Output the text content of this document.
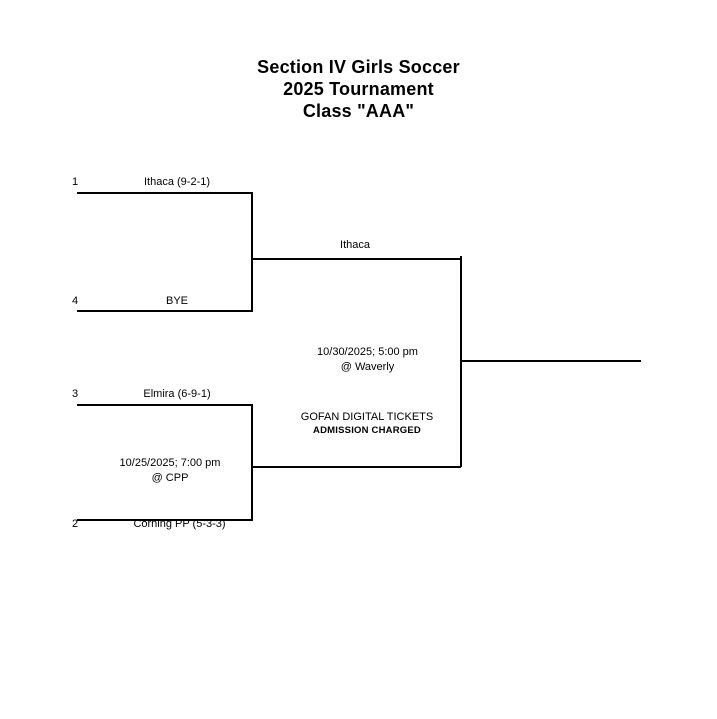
Section IV Girls Soccer
2025 Tournament
Class "AAA"
1	Ithaca (9-2-1)
4	BYE
3	Elmira (6-9-1)
2	Corning PP (5-3-3)
10/25/2025; 7:00 pm
@ CPP
Ithaca
10/30/2025; 5:00 pm
@ Waverly
GOFAN DIGITAL TICKETS
ADMISSION CHARGED
